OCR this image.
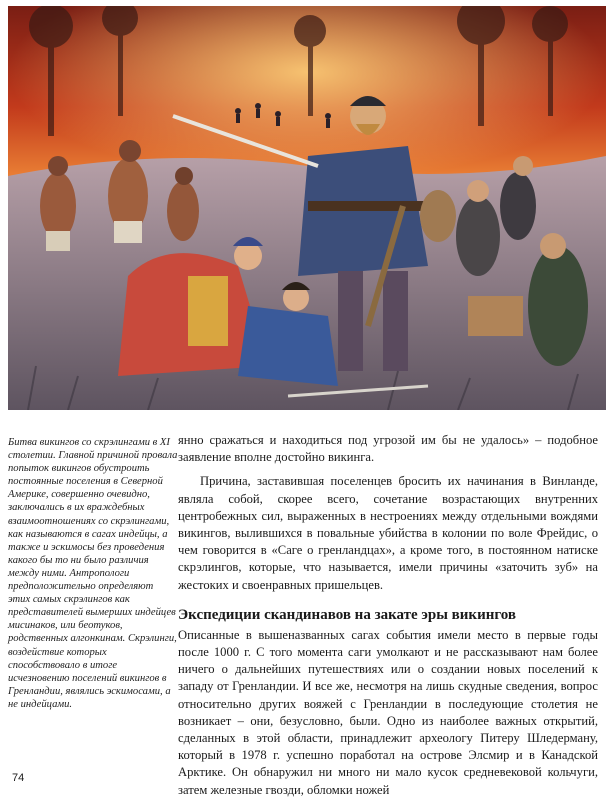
Битва викингов со скрэлингами в XI столетии. Главной причиной провала попыток викингов обустроить постоянные поселения в Северной Америке, совершенно очевидно, заключались в их враждебных взаимоотношениях со скрэлингами, как называются в сагах индейцы, а также и эскимосы без проведения какого бы то ни было различия между ними. Антропологи предположительно определяют этих самых скрэлингов как представителей вымерших индейцев мисинаков, или беотуков, родственных алгонкинам. Скрэлинги, воздействие которых способствовало в итоге исчезновению поселений викингов в Гренландии, являлись эскимосами, а не индейцами.

янно сражаться и находиться под угрозой им бы не удалось» – подобное заявление вполне достойно викинга.

Причина, заставившая поселенцев бросить их начинания в Винланде, являла собой, скорее всего, сочетание возрастающих внутренних центробежных сил, выраженных в нестроениях между отдельными вождями викингов, вылившихся в повальные убийства в колонии по воле Фрейдис, о чем говорится в «Саге о гренландцах», а кроме того, в постоянном натиске скрэлингов, которые, что называется, имели причины «заточить зуб» на жестоких и своенравных пришельцев.

Экспедиции скандинавов на закате эры викингов

Описанные в вышеназванных сагах события имели место в первые годы после 1000 г. С того момента саги умолкают и не рассказывают нам более ничего о дальнейших путешествиях или о создании новых поселений к западу от Гренландии. И все же, несмотря на лишь скудные сведения, вопрос относительно других вояжей с Гренландии в последующие столетия не возникает – они, безусловно, были. Одно из наиболее важных открытий, сделанных в этой области, принадлежит археологу Питеру Шледерману, который в 1978 г. успешно поработал на острове Элсмир и в Канадской Арктике. Он обнаружил ни много ни мало кусок средневековой кольчуги, затем железные гвозди, обломки ножей

74
